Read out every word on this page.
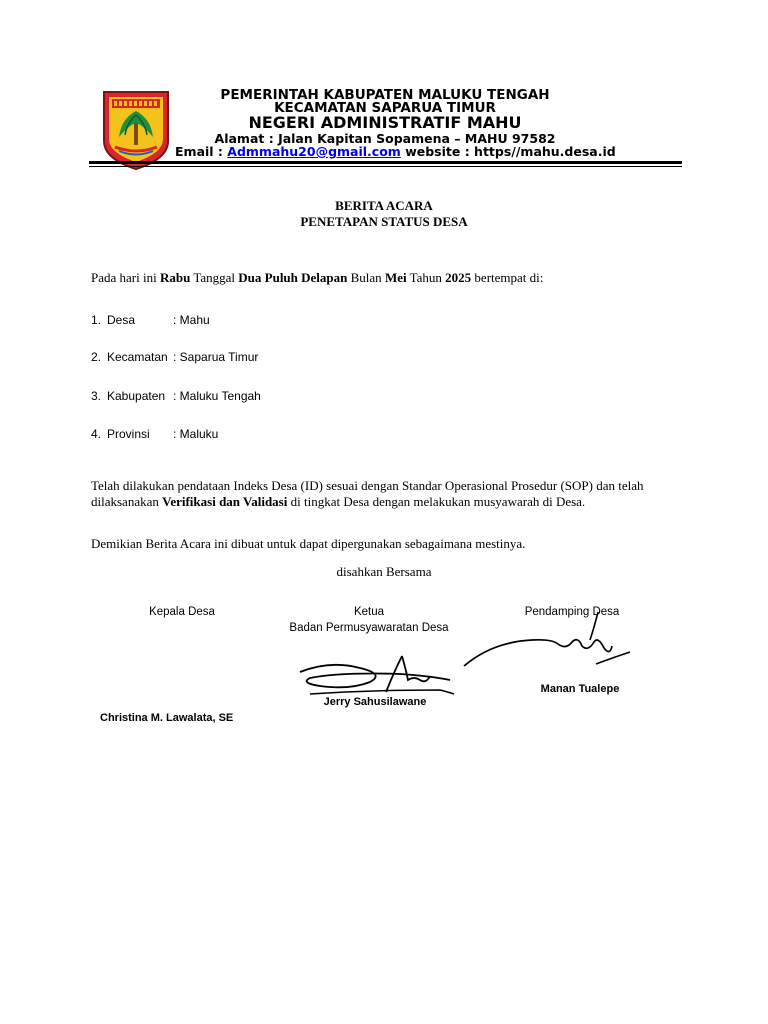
PEMERINTAH KABUPATEN MALUKU TENGAH
KECAMATAN SAPARUA TIMUR
NEGERI ADMINISTRATIF MAHU
Alamat : Jalan Kapitan Sopamena – MAHU 97582
Email : Admmahu20@gmail.com website : https//mahu.desa.id
BERITA ACARA
PENETAPAN STATUS DESA
Pada hari ini Rabu Tanggal Dua Puluh Delapan Bulan Mei Tahun 2025 bertempat di:
1. Desa	: Mahu
2. Kecamatan : Saparua Timur
3. Kabupaten : Maluku Tengah
4. Provinsi : Maluku
Telah dilakukan pendataan Indeks Desa (ID) sesuai dengan Standar Operasional Prosedur (SOP) dan telah dilaksanakan Verifikasi dan Validasi di tingkat Desa dengan melakukan musyawarah di Desa.
Demikian Berita Acara ini dibuat untuk dapat dipergunakan sebagaimana mestinya.
disahkan Bersama
Kepala Desa	Ketua
Badan Permusyawaratan Desa
Pendamping Desa
Christina M. Lawalata, SE
Jerry Sahusilawane
Manan Tualepe
